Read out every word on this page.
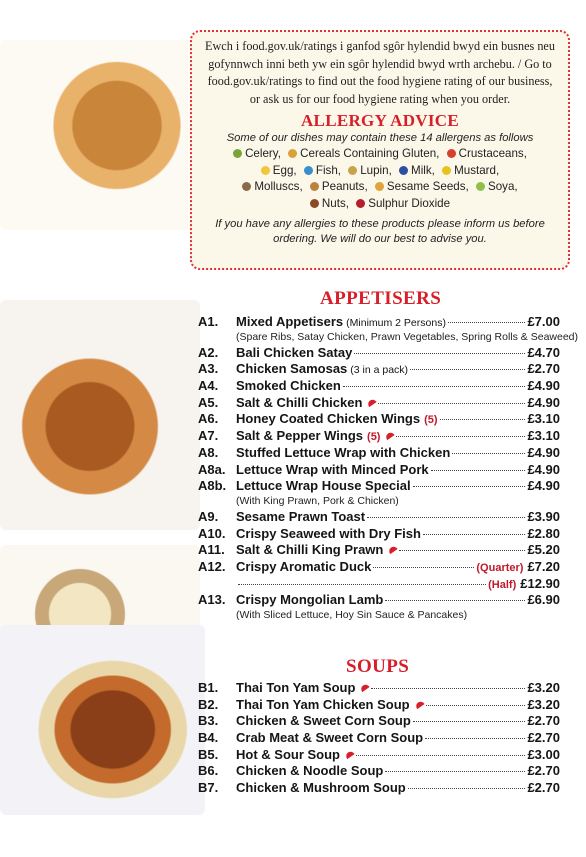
Ewch i food.gov.uk/ratings i ganfod sgôr hylendid bwyd ein busnes neu gofynnwch inni beth yw ein sgôr hylendid bwyd wrth archebu. / Go to food.gov.uk/ratings to find out the food hygiene rating of our business, or ask us for our food hygiene rating when you order.
ALLERGY ADVICE
Some of our dishes may contain these 14 allergens as follows
Celery, Cereals Containing Gluten, Crustaceans,
Egg, Fish, Lupin, Milk, Mustard,
Molluscs, Peanuts, Sesame Seeds, Soya,
Nuts, Sulphur Dioxide
If you have any allergies to these products please inform us before ordering. We will do our best to advise you.
APPETISERS
A1.	Mixed Appetisers (Minimum 2 Persons)	£7.00
(Spare Ribs, Satay Chicken, Prawn Vegetables, Spring Rolls & Seaweed)
A2.	Bali Chicken Satay	£4.70
A3.	Chicken Samosas (3 in a pack)	£2.70
A4.	Smoked Chicken	£4.90
A5.	Salt & Chilli Chicken	£4.90
A6.	Honey Coated Chicken Wings (5)	£3.10
A7.	Salt & Pepper Wings (5)	£3.10
A8.	Stuffed Lettuce Wrap with Chicken	£4.90
A8a. Lettuce Wrap with Minced Pork	£4.90
A8b. Lettuce Wrap House Special	£4.90
(With King Prawn, Pork & Chicken)
A9.	Sesame Prawn Toast	£3.90
A10. Crispy Seaweed with Dry Fish	£2.80
A11. Salt & Chilli King Prawn	£5.20
A12. Crispy Aromatic Duck	(Quarter) £7.20
(Half) £12.90
A13. Crispy Mongolian Lamb	£6.90
(With Sliced Lettuce, Hoy Sin Sauce & Pancakes)
SOUPS
B1.	Thai Ton Yam Soup	£3.20
B2.	Thai Ton Yam Chicken Soup	£3.20
B3.	Chicken & Sweet Corn Soup	£2.70
B4.	Crab Meat & Sweet Corn Soup	£2.70
B5.	Hot & Sour Soup	£3.00
B6.	Chicken & Noodle Soup	£2.70
B7.	Chicken & Mushroom Soup	£2.70
